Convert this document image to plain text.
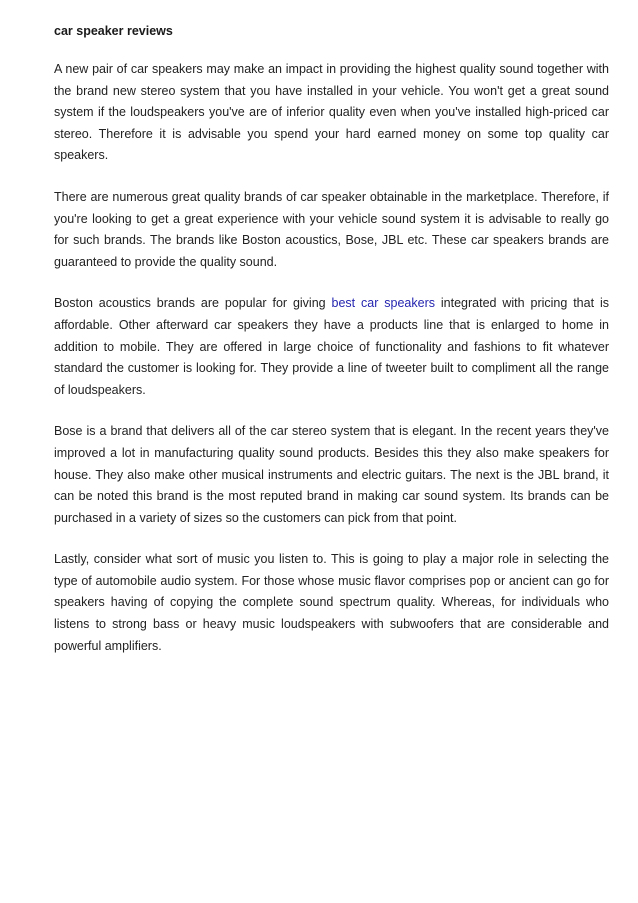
car speaker reviews

A new pair of car speakers may make an impact in providing the highest quality sound together with the brand new stereo system that you have installed in your vehicle. You won't get a great sound system if the loudspeakers you've are of inferior quality even when you've installed high-priced car stereo. Therefore it is advisable you spend your hard earned money on some top quality car speakers.

There are numerous great quality brands of car speaker obtainable in the marketplace. Therefore, if you're looking to get a great experience with your vehicle sound system it is advisable to really go for such brands. The brands like Boston acoustics, Bose, JBL etc. These car speakers brands are guaranteed to provide the quality sound.

Boston acoustics brands are popular for giving best car speakers integrated with pricing that is affordable. Other afterward car speakers they have a products line that is enlarged to home in addition to mobile. They are offered in large choice of functionality and fashions to fit whatever standard the customer is looking for. They provide a line of tweeter built to compliment all the range of loudspeakers.

Bose is a brand that delivers all of the car stereo system that is elegant. In the recent years they've improved a lot in manufacturing quality sound products. Besides this they also make speakers for house. They also make other musical instruments and electric guitars. The next is the JBL brand, it can be noted this brand is the most reputed brand in making car sound system. Its brands can be purchased in a variety of sizes so the customers can pick from that point.

Lastly, consider what sort of music you listen to. This is going to play a major role in selecting the type of automobile audio system. For those whose music flavor comprises pop or ancient can go for speakers having of copying the complete sound spectrum quality. Whereas, for individuals who listens to strong bass or heavy music loudspeakers with subwoofers that are considerable and powerful amplifiers.
